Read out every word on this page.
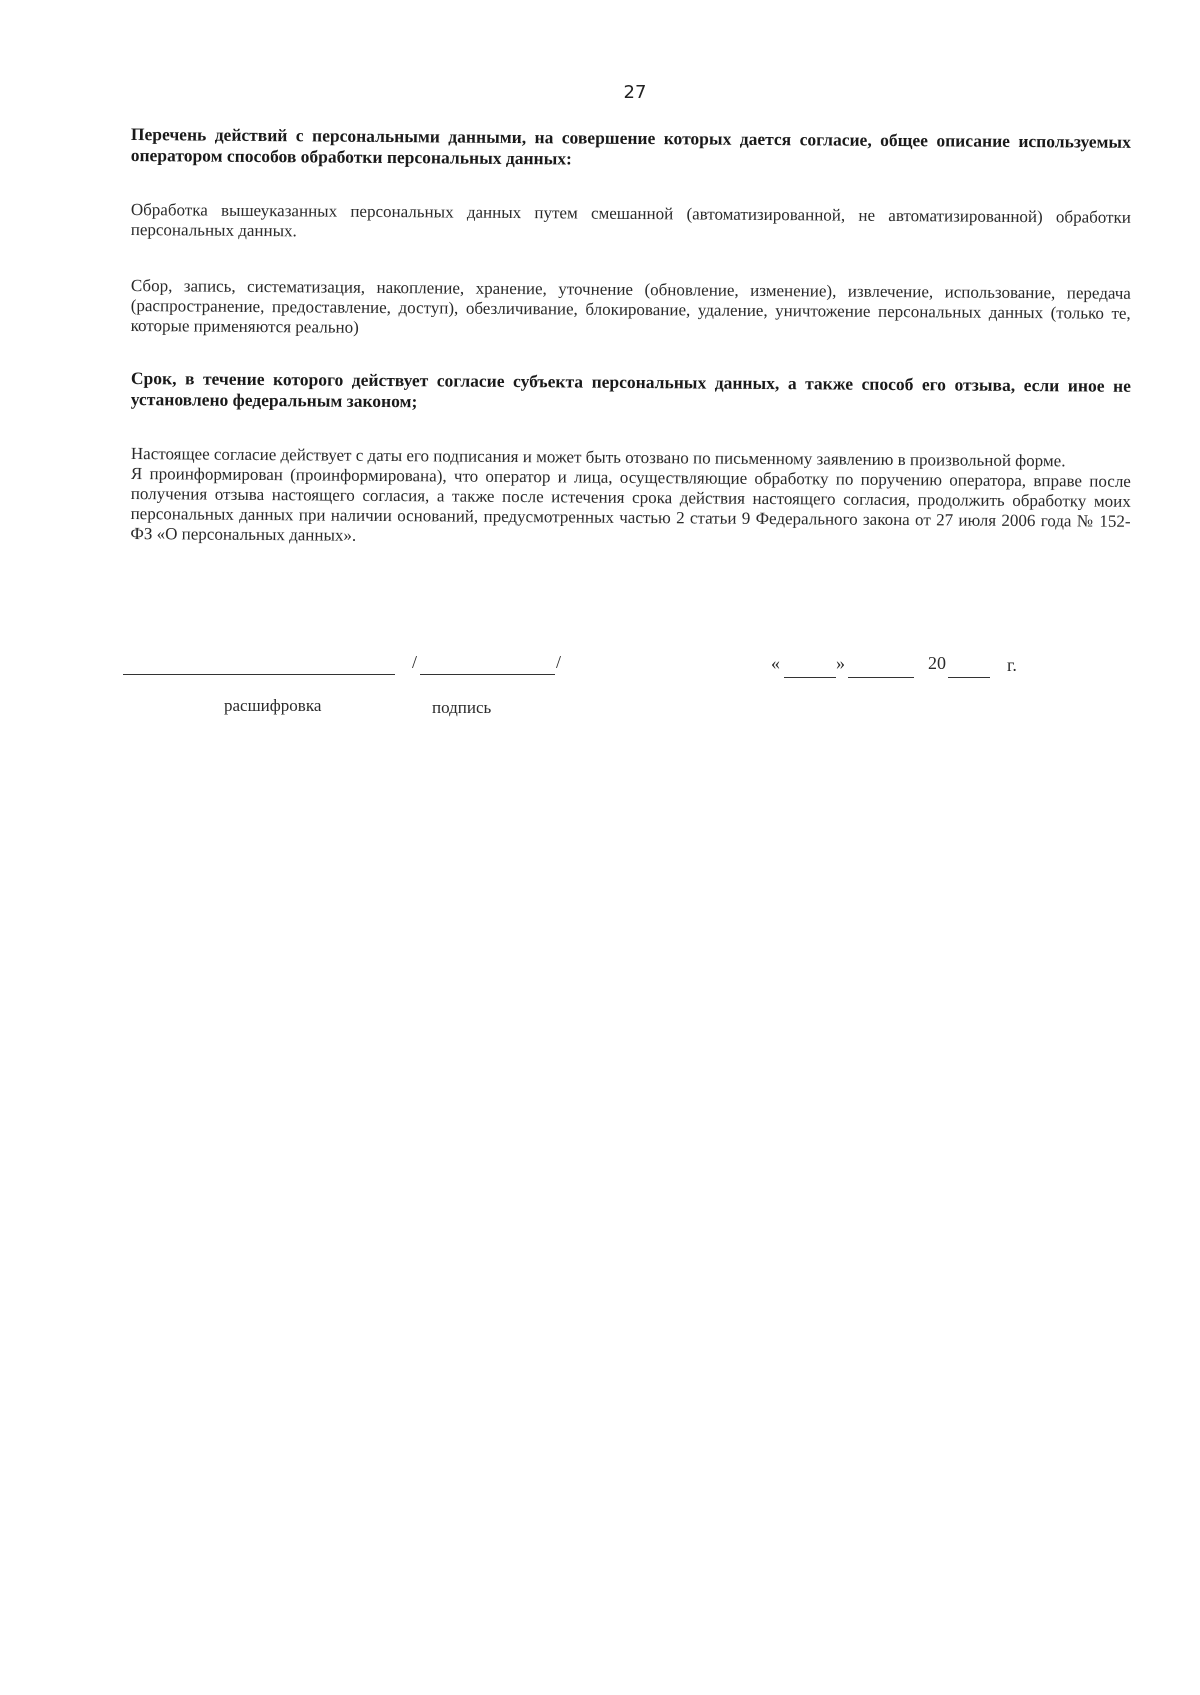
27

Перечень действий с персональными данными, на совершение которых дается согласие, общее описание используемых оператором способов обработки персональных данных:

Обработка вышеуказанных персональных данных путем смешанной (автоматизированной, не автоматизированной) обработки персональных данных.

Сбор, запись, систематизация, накопление, хранение, уточнение (обновление, изменение), извлечение, использование, передача (распространение, предоставление, доступ), обезличивание, блокирование, удаление, уничтожение персональных данных (только те, которые применяются реально)

Срок, в течение которого действует согласие субъекта персональных данных, а также способ его отзыва, если иное не установлено федеральным законом;

Настоящее согласие действует с даты его подписания и может быть отозвано по письменному заявлению в произвольной форме.

Я проинформирован (проинформирована), что оператор и лица, осуществляющие обработку по поручению оператора, вправе после получения отзыва настоящего согласия, а также после истечения срока действия настоящего согласия, продолжить обработку моих персональных данных при наличии оснований, предусмотренных частью 2 статьи 9 Федерального закона от 27 июля 2006 года № 152-ФЗ «О персональных данных».

/	/	«	»	20	г.
расшифровка	подпись
